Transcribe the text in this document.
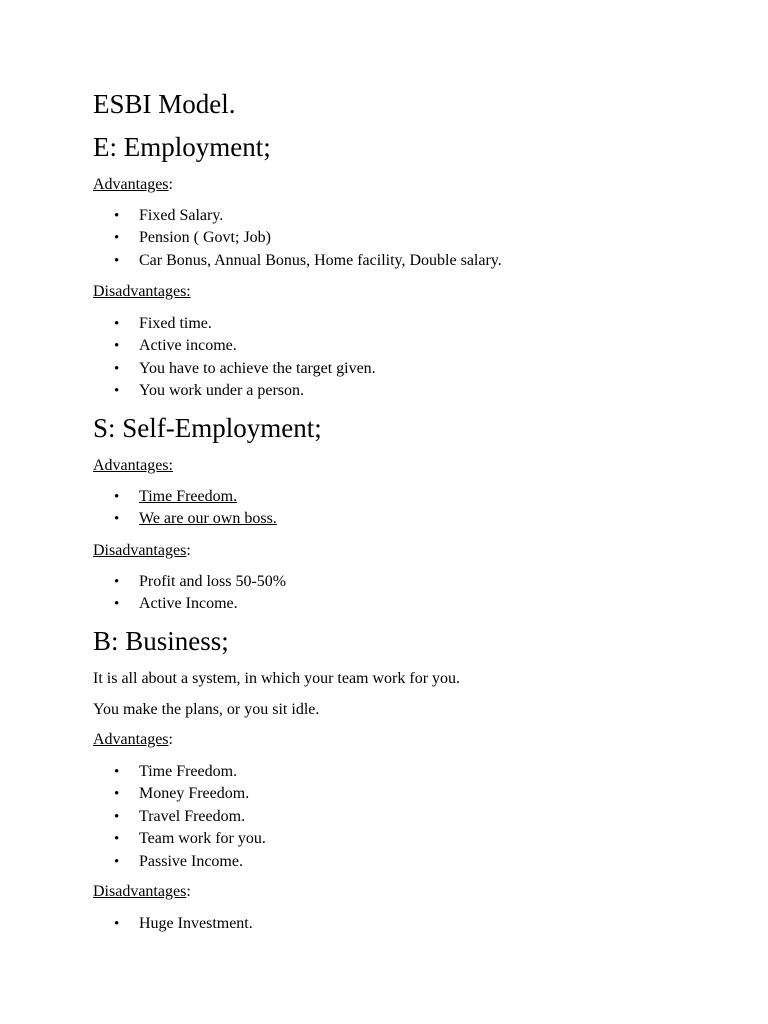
ESBI Model.
E: Employment;
Advantages:
• Fixed Salary.
• Pension ( Govt; Job)
• Car Bonus, Annual Bonus, Home facility, Double salary.
Disadvantages:
• Fixed time.
• Active income.
• You have to achieve the target given.
• You work under a person.
S: Self-Employment;
Advantages:
• Time Freedom.
• We are our own boss.
Disadvantages:
• Profit and loss 50-50%
• Active Income.
B: Business;
It is all about a system, in which your team work for you.
You make the plans, or you sit idle.
Advantages:
• Time Freedom.
• Money Freedom.
• Travel Freedom.
• Team work for you.
• Passive Income.
Disadvantages:
• Huge Investment.
